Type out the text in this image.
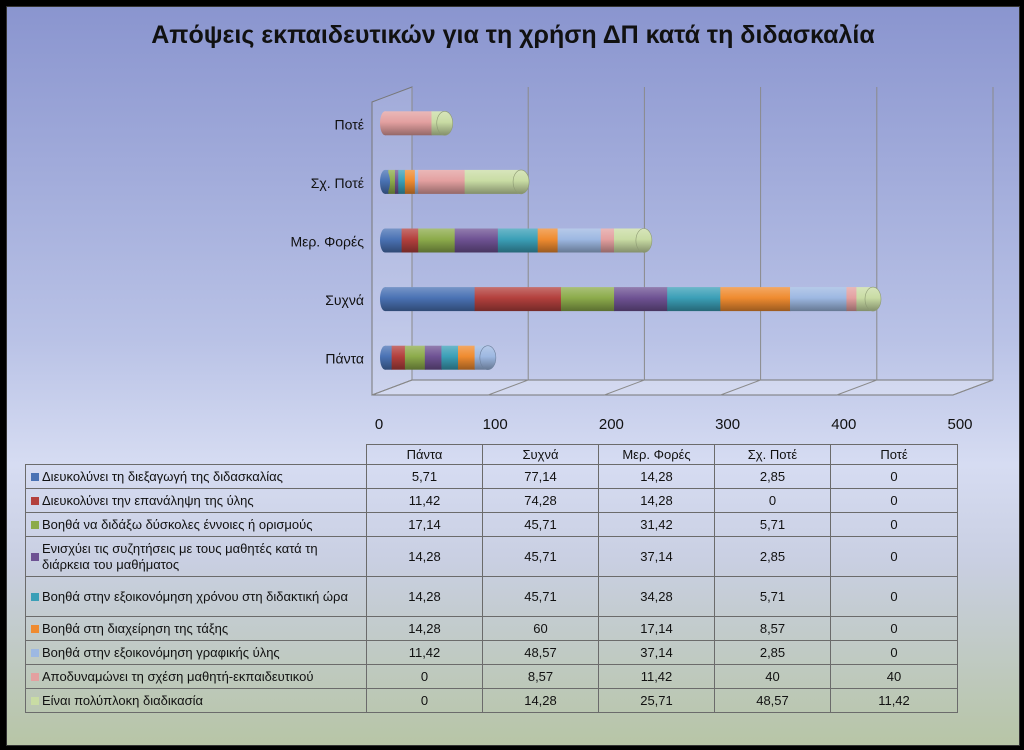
Απόψεις εκπαιδευτικών για τη χρήση ΔΠ κατά τη διδασκαλία
0	100	200	300	400	500
Πάντα
Συχνά
Μερ. Φορές
Σχ. Ποτέ
Ποτέ
	Πάντα	Συχνά	Μερ. Φορές	Σχ. Ποτέ	Ποτέ

Διευκολύνει τη διεξαγωγή της διδασκαλίας	5,71	77,14	14,28	2,85	0

Διευκολύνει την επανάληψη της ύλης	11,42	74,28	14,28	0	0

Βοηθά να διδάξω δύσκολες έννοιες ή ορισμούς	17,14	45,71	31,42	5,71	0

Ενισχύει τις συζητήσεις με τους μαθητές κατά τη διάρκεια του μαθήματος	14,28	45,71	37,14	2,85	0

Βοηθά στην εξοικονόμηση χρόνου στη διδακτική ώρα	14,28	45,71	34,28	5,71	0

Βοηθά στη διαχείρηση της τάξης	14,28	60	17,14	8,57	0

Βοηθά στην εξοικονόμηση γραφικής ύλης	11,42	48,57	37,14	2,85	0

Αποδυναμώνει τη σχέση μαθητή-εκπαιδευτικού	0	8,57	11,42	40	40

Είναι πολύπλοκη διαδικασία	0	14,28	25,71	48,57	11,42
